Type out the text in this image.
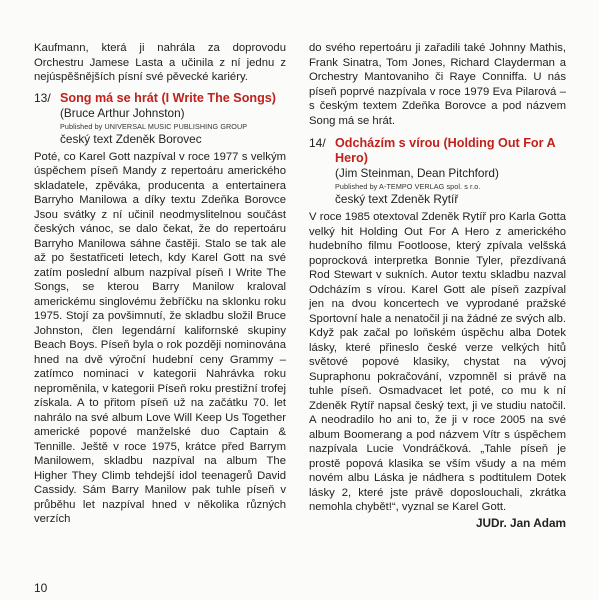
Kaufmann, která ji nahrála za doprovodu Orchestru Jamese Lasta a učinila z ní jednu z nejúspěšnějších písní své pěvecké kariéry.

13/ Song má se hrát (I Write The Songs)
(Bruce Arthur Johnston)
Published by UNIVERSAL MUSIC PUBLISHING GROUP
český text Zdeněk Borovec

Poté, co Karel Gott nazpíval v roce 1977 s velkým úspěchem píseň Mandy z repertoáru amerického skladatele, zpěváka, producenta a entertainera Barryho Manilowa a díky textu Zdeňka Borovce Jsou svátky z ní učinil neodmyslitelnou součást českých vánoc, se dalo čekat, že do repertoáru Barryho Manilowa sáhne častěji. Stalo se tak ale až po šestatřiceti letech, kdy Karel Gott na své zatím poslední album nazpíval píseň I Write The Songs, se kterou Barry Manilow kraloval americkému singlovému žebříčku na sklonku roku 1975. Stojí za povšimnutí, že skladbu složil Bruce Johnston, člen legendární kalifornské skupiny Beach Boys. Píseň byla o rok později nominována hned na dvě výroční hudební ceny Grammy – zatímco nominaci v kategorii Nahrávka roku neproměnila, v kategorii Píseň roku prestižní trofej získala. A to přitom píseň už na začátku 70. let nahrálo na své album Love Will Keep Us Together americké popové manželské duo Captain & Tennille. Ještě v roce 1975, krátce před Barrym Manilowem, skladbu nazpíval na album The Higher They Climb tehdejší idol teenagerů David Cassidy. Sám Barry Manilow pak tuhle píseň v průběhu let nazpíval hned v několika různých verzích

do svého repertoáru ji zařadili také Johnny Mathis, Frank Sinatra, Tom Jones, Richard Clayderman a Orchestry Mantovaniho či Raye Conniffa. U nás píseň poprvé nazpívala v roce 1979 Eva Pilarová – s českým textem Zdeňka Borovce a pod názvem Song má se hrát.

14/ Odcházím s vírou (Holding Out For A Hero)
(Jim Steinman, Dean Pitchford)
Published by A-TEMPO VERLAG spol. s r.o.
český text Zdeněk Rytíř

V roce 1985 otextoval Zdeněk Rytíř pro Karla Gotta velký hit Holding Out For A Hero z amerického hudebního filmu Footloose, který zpívala velšská poprocková interpretka Bonnie Tyler, přezdívaná Rod Stewart v sukních. Autor textu skladbu nazval Odcházím s vírou. Karel Gott ale píseň zazpíval jen na dvou koncertech ve vyprodané pražské Sportovní hale a nenatočil ji na žádné ze svých alb. Když pak začal po loňském úspěchu alba Dotek lásky, které přineslo české verze velkých hitů světové popové klasiky, chystat na vývoj Supraphonu pokračování, vzpomněl si právě na tuhle píseň. Osmadvacet let poté, co mu k ní Zdeněk Rytíř napsal český text, ji ve studiu natočil. A neodradilo ho ani to, že ji v roce 2005 na své album Boomerang a pod názvem Vítr s úspěchem nazpívala Lucie Vondráčková. „Tahle píseň je prostě popová klasika se vším všudy a na mém novém albu Láska je nádhera s podtitulem Dotek lásky 2, které jste právě doposlouchali, zkrátka nemohla chybět!“, vyznal se Karel Gott.

JUDr. Jan Adam
10
